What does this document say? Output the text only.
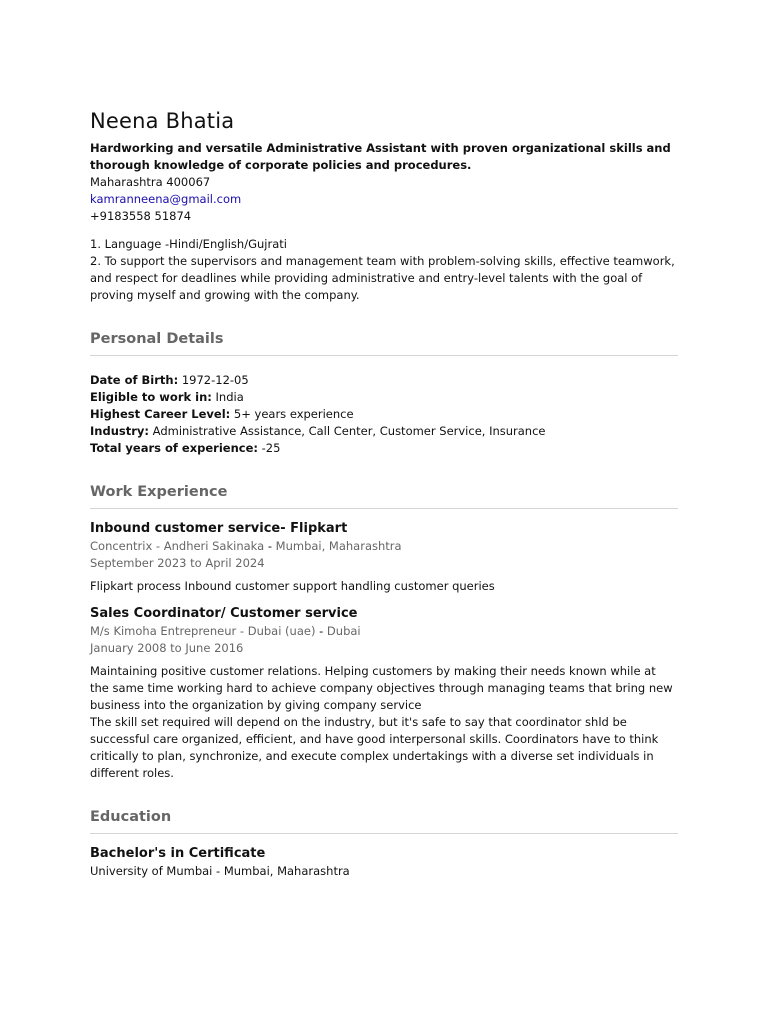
Neena Bhatia

Hardworking and versatile Administrative Assistant with proven organizational skills and thorough knowledge of corporate policies and procedures.

Maharashtra 400067

kamranneena@gmail.com

+9183558 51874

1. Language -Hindi/English/Gujrati

2. To support the supervisors and management team with problem-solving skills, effective teamwork, and respect for deadlines while providing administrative and entry-level talents with the goal of proving myself and growing with the company.

Personal Details

Date of Birth: 1972-12-05

Eligible to work in: India

Highest Career Level: 5+ years experience

Industry: Administrative Assistance, Call Center, Customer Service, Insurance

Total years of experience: -25

Work Experience

Inbound customer service- Flipkart

Concentrix - Andheri Sakinaka - Mumbai, Maharashtra

September 2023 to April 2024

Flipkart process Inbound customer support handling customer queries

Sales Coordinator/ Customer service

M/s Kimoha Entrepreneur - Dubai (uae) - Dubai

January 2008 to June 2016

Maintaining positive customer relations. Helping customers by making their needs known while at the same time working hard to achieve company objectives through managing teams that bring new business into the organization by giving company service

The skill set required will depend on the industry, but it's safe to say that coordinator shld be successful care organized, efficient, and have good interpersonal skills. Coordinators have to think critically to plan, synchronize, and execute complex undertakings with a diverse set individuals in different roles.

Education

Bachelor's in Certificate

University of Mumbai - Mumbai, Maharashtra
